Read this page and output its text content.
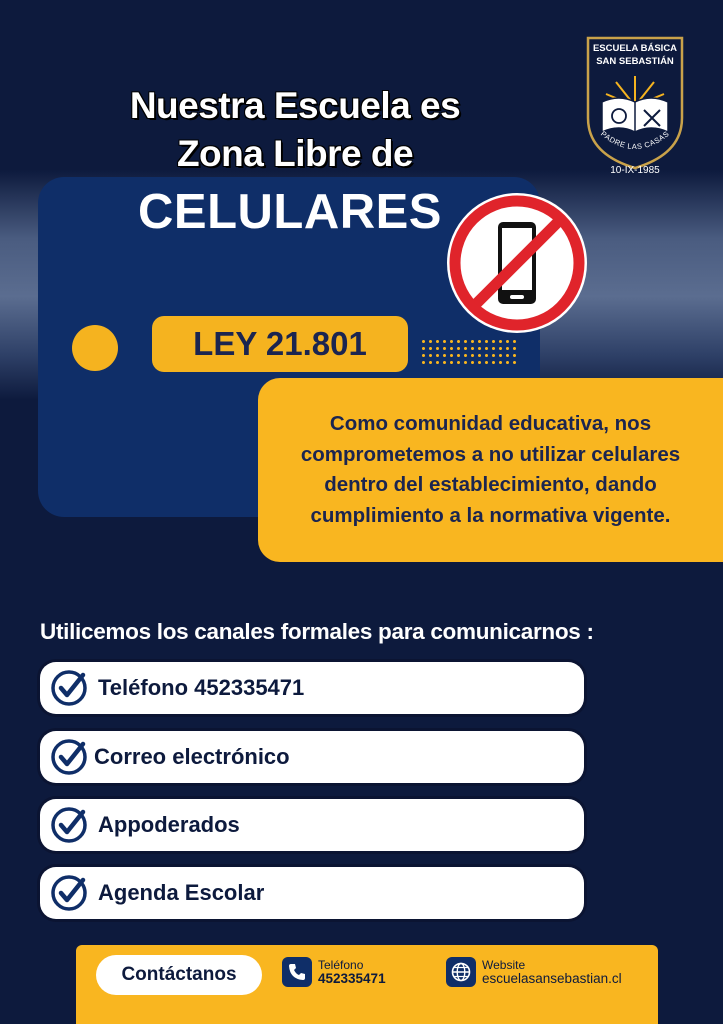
Nuestra Escuela es
Zona Libre de
CELULARES
ESCUELA BÁSICA
SAN SEBASTIÁN
PADRE LAS CASAS
10-IX-1985
LEY 21.801

Como comunidad educativa, nos comprometemos a no utilizar celulares dentro del establecimiento, dando cumplimiento a la normativa vigente.

Utilicemos los canales formales para comunicarnos :
Teléfono 452335471
Correo electrónico
Appoderados
Agenda Escolar
Contáctanos	Teléfono
452335471
Website
escuelasansebastian.cl
